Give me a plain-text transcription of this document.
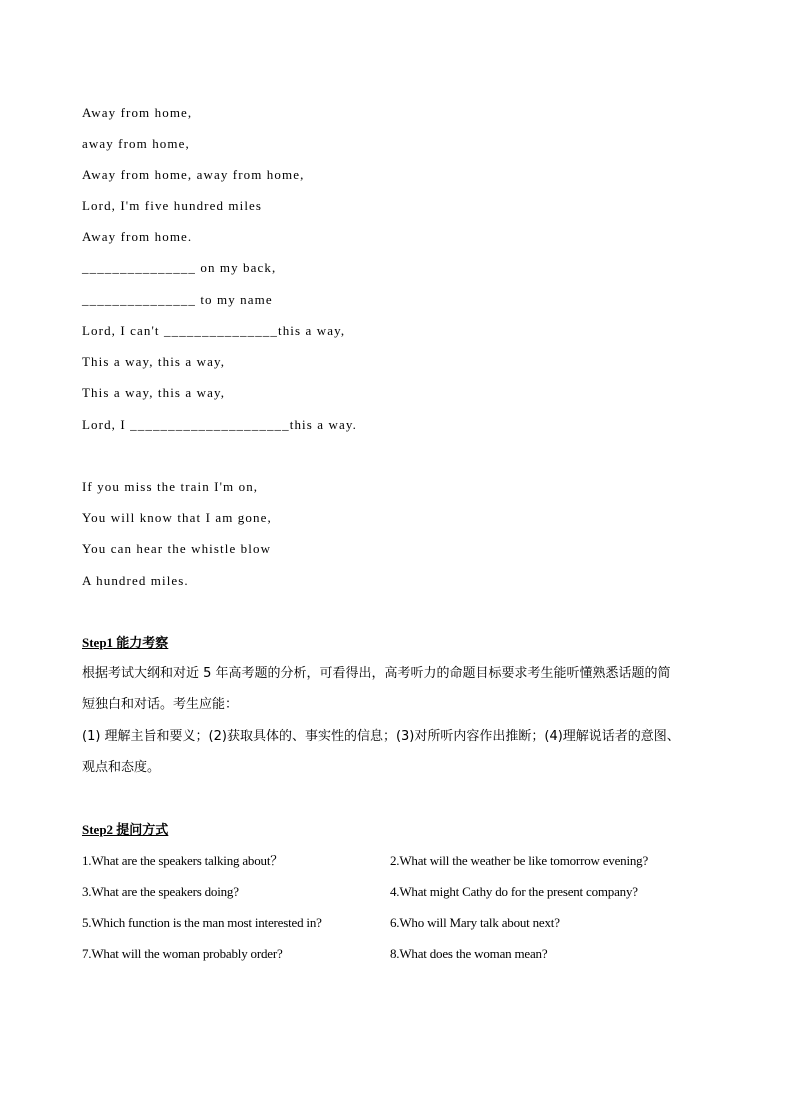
Away from home,

away from home,

Away from home, away from home,

Lord, I'm five hundred miles

Away from home.

_______________ on my back,

_______________ to my name

Lord, I can't _______________this a way,

This a way, this a way,

This a way, this a way,

Lord, I _____________________this a way.

If you miss the train I'm on,

You will know that I am gone,

You can hear the whistle blow

A hundred miles.

Step1 能力考察

根据考试大纲和对近 5 年高考题的分析，可看得出，高考听力的命题目标要求考生能听懂熟悉话题的简

短独白和对话。考生应能：

(1) 理解主旨和要义；(2)获取具体的、事实性的信息；(3)对所听内容作出推断；(4)理解说话者的意图、

观点和态度。

Step2 提问方式

1.What are the speakers talking about？	2.What will the weather be like tomorrow evening?

3.What are the speakers doing?	4.What might Cathy do for the present company?

5.Which function is the man most interested in?	6.Who will Mary talk about next?

7.What will the woman probably order?	8.What does the woman mean?
